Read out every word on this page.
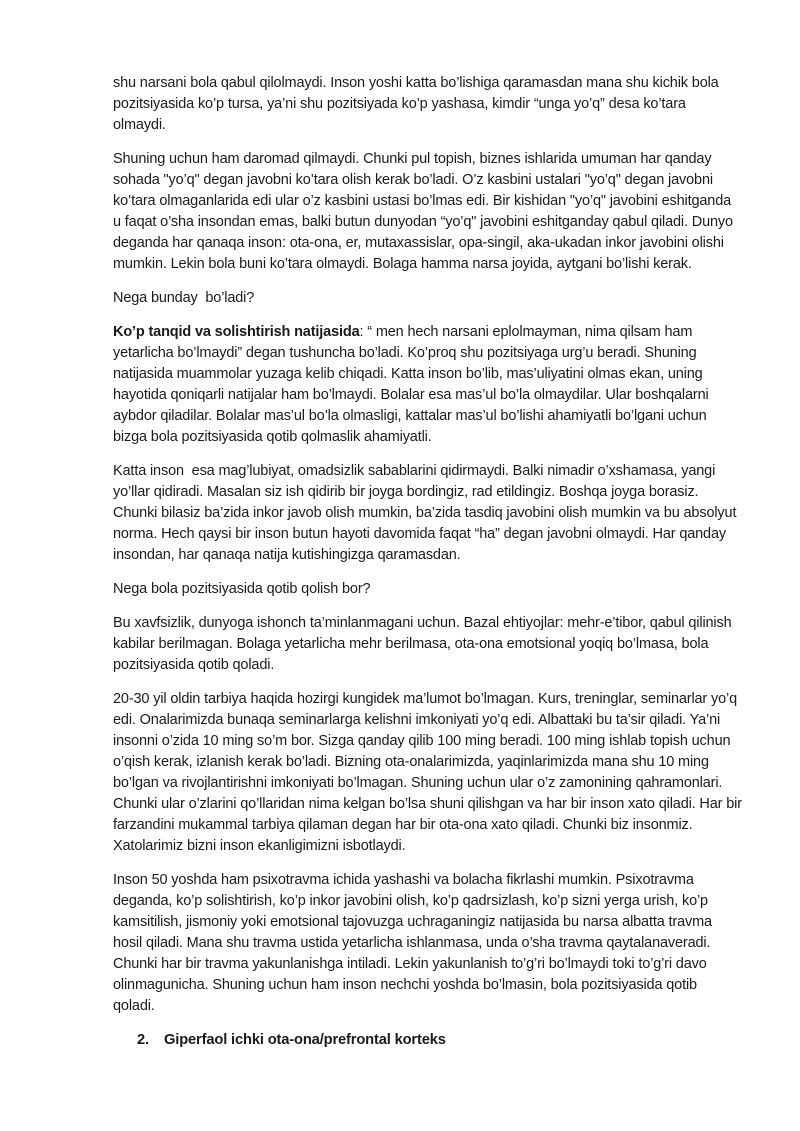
shu narsani bola qabul qilolmaydi. Inson yoshi katta bo’lishiga qaramasdan mana shu kichik bola pozitsiyasida ko’p tursa, ya’ni shu pozitsiyada ko’p yashasa, kimdir “unga yo’q” desa ko’tara olmaydi.

Shuning uchun ham daromad qilmaydi. Chunki pul topish, biznes ishlarida umuman har qanday sohada "yo’q" degan javobni ko’tara olish kerak bo’ladi. O’z kasbini ustalari "yo’q" degan javobni ko’tara olmaganlarida edi ular o’z kasbini ustasi bo’lmas edi. Bir kishidan "yo’q" javobini eshitganda u faqat o’sha insondan emas, balki butun dunyodan “yo’q" javobini eshitganday qabul qiladi. Dunyo deganda har qanaqa inson: ota-ona, er, mutaxassislar, opa-singil, aka-ukadan inkor javobini olishi mumkin. Lekin bola buni ko’tara olmaydi. Bolaga hamma narsa joyida, aytgani bo’lishi kerak.

Nega bunday  bo’ladi?

Ko’p tanqid va solishtirish natijasida: “ men hech narsani eplolmayman, nima qilsam ham yetarlicha bo’lmaydi” degan tushuncha bo’ladi. Ko’proq shu pozitsiyaga urg’u beradi. Shuning natijasida muammolar yuzaga kelib chiqadi. Katta inson bo’lib, mas’uliyatini olmas ekan, uning hayotida qoniqarli natijalar ham bo’lmaydi. Bolalar esa mas’ul bo’la olmaydilar. Ular boshqalarni aybdor qiladilar. Bolalar mas’ul bo’la olmasligi, kattalar mas’ul bo’lishi ahamiyatli bo’lgani uchun bizga bola pozitsiyasida qotib qolmaslik ahamiyatli.

Katta inson  esa mag’lubiyat, omadsizlik sabablarini qidirmaydi. Balki nimadir o’xshamasa, yangi yo’llar qidiradi. Masalan siz ish qidirib bir joyga bordingiz, rad etildingiz. Boshqa joyga borasiz. Chunki bilasiz ba’zida inkor javob olish mumkin, ba’zida tasdiq javobini olish mumkin va bu absolyut norma. Hech qaysi bir inson butun hayoti davomida faqat “ha” degan javobni olmaydi. Har qanday insondan, har qanaqa natija kutishingizga qaramasdan.

Nega bola pozitsiyasida qotib qolish bor?

Bu xavfsizlik, dunyoga ishonch ta’minlanmagani uchun. Bazal ehtiyojlar: mehr-e’tibor, qabul qilinish kabilar berilmagan. Bolaga yetarlicha mehr berilmasa, ota-ona emotsional yoqiq bo’lmasa, bola pozitsiyasida qotib qoladi.

20-30 yil oldin tarbiya haqida hozirgi kungidek ma’lumot bo’lmagan. Kurs, treninglar, seminarlar yo’q edi. Onalarimizda bunaqa seminarlarga kelishni imkoniyati yo’q edi. Albattaki bu ta’sir qiladi. Ya’ni insonni o’zida 10 ming so’m bor. Sizga qanday qilib 100 ming beradi. 100 ming ishlab topish uchun o’qish kerak, izlanish kerak bo’ladi. Bizning ota-onalarimizda, yaqinlarimizda mana shu 10 ming bo’lgan va rivojlantirishni imkoniyati bo’lmagan. Shuning uchun ular o’z zamonining qahramonlari. Chunki ular o’zlarini qo’llaridan nima kelgan bo’lsa shuni qilishgan va har bir inson xato qiladi. Har bir farzandini mukammal tarbiya qilaman degan har bir ota-ona xato qiladi. Chunki biz insonmiz. Xatolarimiz bizni inson ekanligimizni isbotlaydi.

Inson 50 yoshda ham psixotravma ichida yashashi va bolacha fikrlashi mumkin. Psixotravma deganda, ko’p solishtirish, ko’p inkor javobini olish, ko’p qadrsizlash, ko’p sizni yerga urish, ko’p kamsitilish, jismoniy yoki emotsional tajovuzga uchraganingiz natijasida bu narsa albatta travma hosil qiladi. Mana shu travma ustida yetarlicha ishlanmasa, unda o’sha travma qaytalanaveradi. Chunki har bir travma yakunlanishga intiladi. Lekin yakunlanish to’g’ri bo’lmaydi toki to’g’ri davo olinmagunicha. Shuning uchun ham inson nechchi yoshda bo’lmasin, bola pozitsiyasida qotib qoladi.

2.	Giperfaol ichki ota-ona/prefrontal korteks
